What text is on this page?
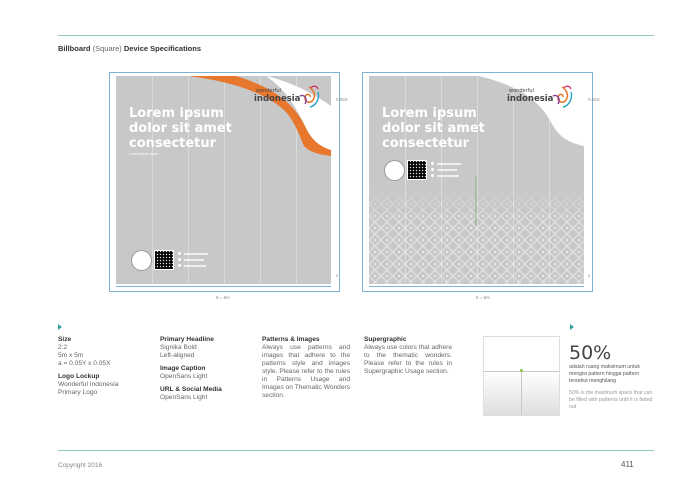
Billboard (Square) Device Specifications
wonderful
indonesia
Lorem ipsum dolor sit amet consectetur
Lorem ipsum dolor
0.05X
x
5 = 5m
wonderful
indonesia
Lorem ipsum dolor sit amet consectetur
0.05X
x
5 = 5m
Size
2:2
5m x 5m
a = 0.05Y x 0.05X
Logo Lockup
Wonderful Indonesia
Primary Logo
Primary Headline
Signika Bold
Left-aligned
Image Caption
OpenSans Light
URL & Social Media
OpenSans Light
Patterns & Images
Always use patterns and images that adhere to the patterns style and images style. Please refer to the rules in Patterns Usage and Images on Thematic Wonders section.
Supergraphic
Always use colors that adhere to the thematic wonders. Please refer to the rules in Supergraphic Usage section.
50%
adalah ruang maksimum untuk mengisi pattern hingga pattern tersebut menghilang
50% is the maximum space that can be filled with patterns until it is faded out
Copyright 2016	411
